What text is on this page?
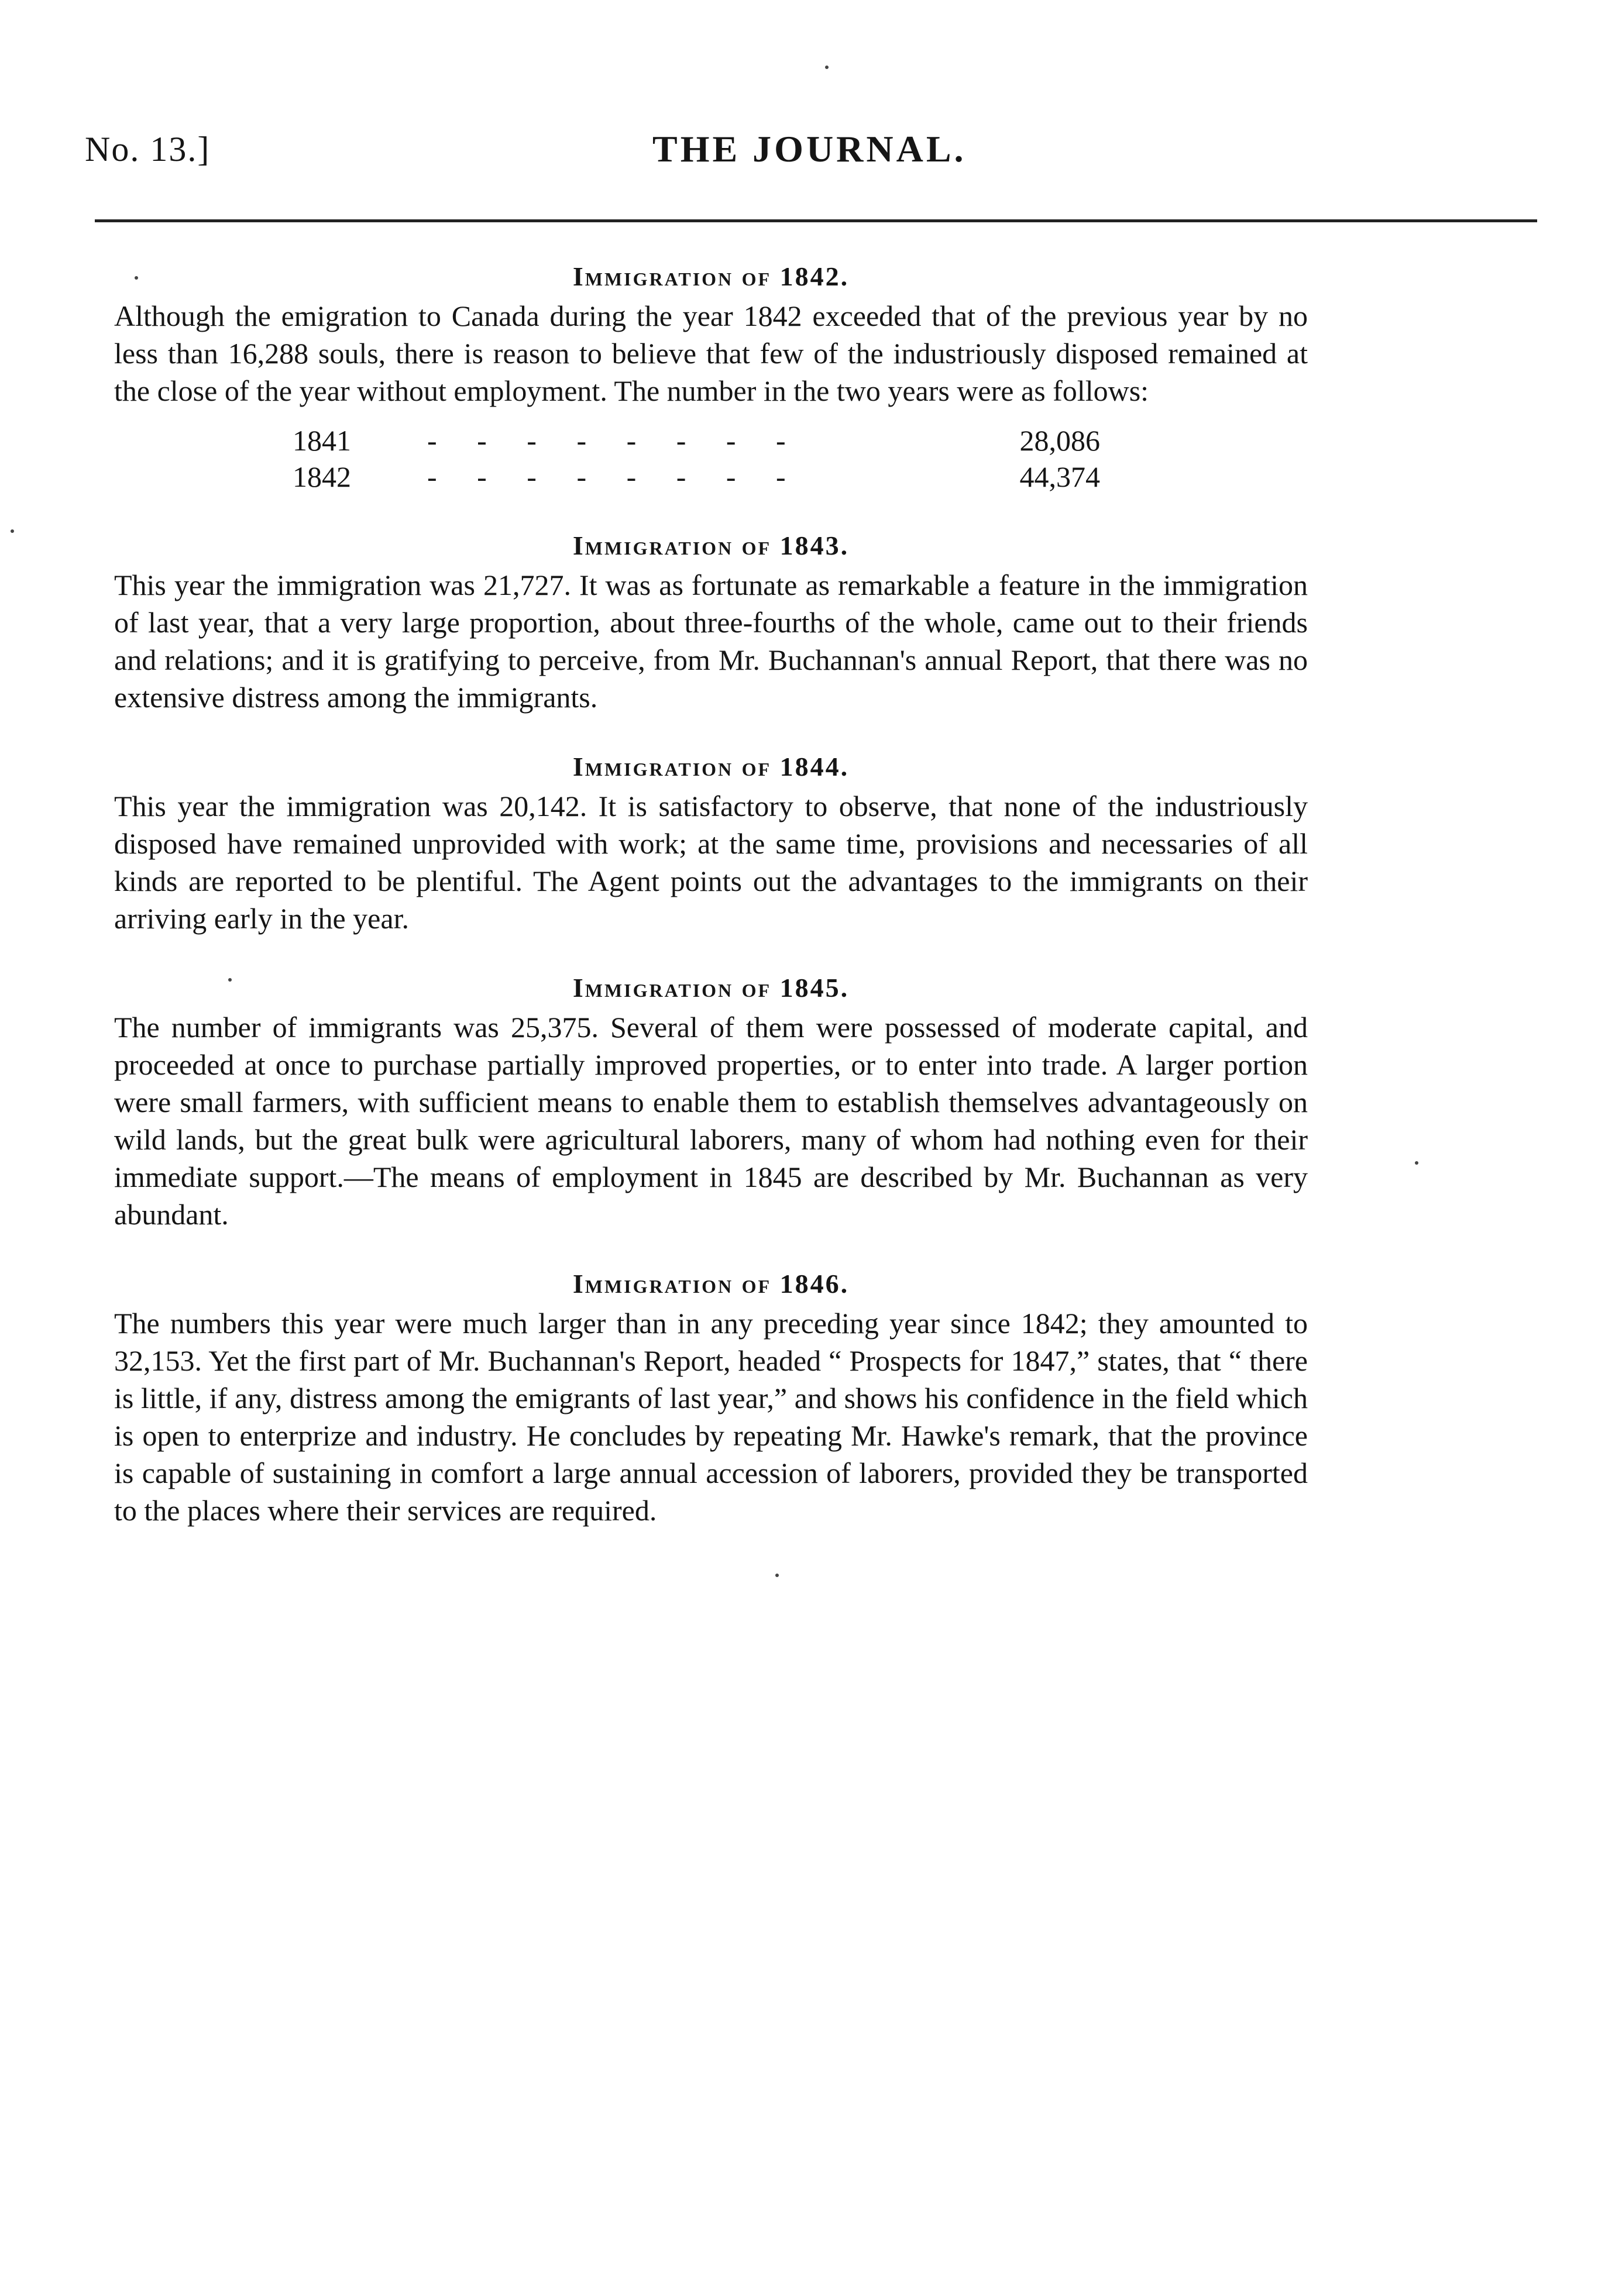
No. 13.]	THE JOURNAL.
Immigration of 1842.

Although the emigration to Canada during the year 1842 exceeded that of the previous year by no less than 16,288 souls, there is reason to believe that few of the industriously disposed remained at the close of the year without employment. The number in the two years were as follows:

1841	- - - - - - - -	28,086
1842	- - - - - - - -	44,374
Immigration of 1843.

This year the immigration was 21,727. It was as fortunate as remarkable a feature in the immigration of last year, that a very large proportion, about three-fourths of the whole, came out to their friends and relations; and it is gratifying to perceive, from Mr. Buchannan's annual Report, that there was no extensive distress among the immigrants.

Immigration of 1844.

This year the immigration was 20,142. It is satisfactory to observe, that none of the industriously disposed have remained unprovided with work; at the same time, provisions and necessaries of all kinds are reported to be plentiful. The Agent points out the advantages to the immigrants on their arriving early in the year.

Immigration of 1845.

The number of immigrants was 25,375. Several of them were possessed of moderate capital, and proceeded at once to purchase partially improved properties, or to enter into trade. A larger portion were small farmers, with sufficient means to enable them to establish themselves advantageously on wild lands, but the great bulk were agricultural laborers, many of whom had nothing even for their immediate support.—The means of employment in 1845 are described by Mr. Buchannan as very abundant.

Immigration of 1846.

The numbers this year were much larger than in any preceding year since 1842; they amounted to 32,153. Yet the first part of Mr. Buchannan's Report, headed “ Prospects for 1847,” states, that “ there is little, if any, distress among the emigrants of last year,” and shows his confidence in the field which is open to enterprize and industry. He concludes by repeating Mr. Hawke's remark, that the province is capable of sustaining in comfort a large annual accession of laborers, provided they be transported to the places where their services are required.
